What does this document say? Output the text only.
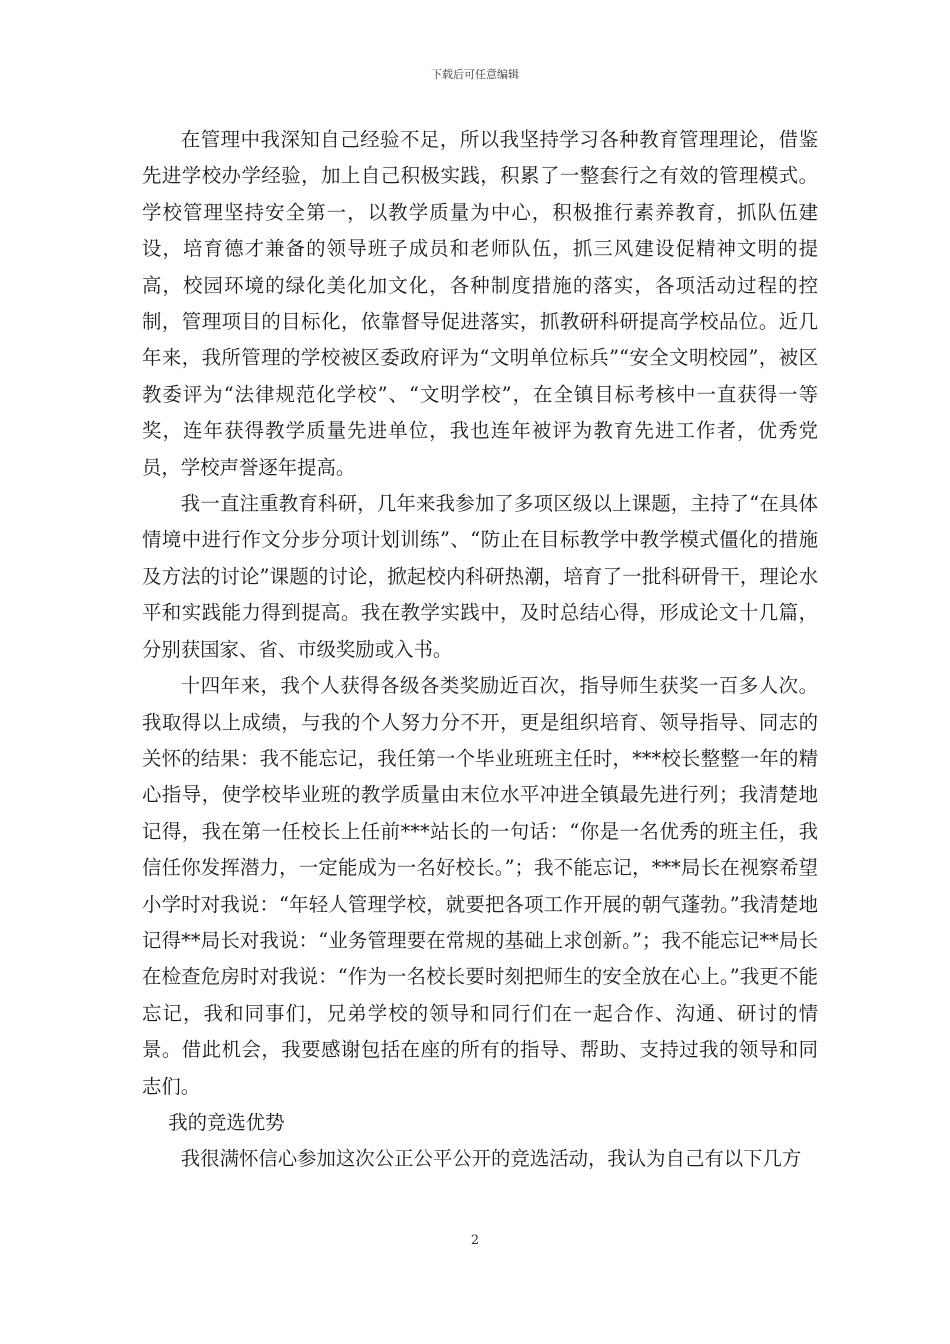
下载后可任意编辑

在管理中我深知自己经验不足，所以我坚持学习各种教育管理理论，借鉴先进学校办学经验，加上自己积极实践，积累了一整套行之有效的管理模式。学校管理坚持安全第一，以教学质量为中心，积极推行素养教育，抓队伍建设，培育德才兼备的领导班子成员和老师队伍，抓三风建设促精神文明的提高，校园环境的绿化美化加文化，各种制度措施的落实，各项活动过程的控制，管理项目的目标化，依靠督导促进落实，抓教研科研提高学校品位。近几年来，我所管理的学校被区委政府评为“文明单位标兵”“安全文明校园”，被区教委评为“法律规范化学校”、“文明学校”，在全镇目标考核中一直获得一等奖，连年获得教学质量先进单位，我也连年被评为教育先进工作者，优秀党员，学校声誉逐年提高。

我一直注重教育科研，几年来我参加了多项区级以上课题，主持了“在具体情境中进行作文分步分项计划训练”、“防止在目标教学中教学模式僵化的措施及方法的讨论”课题的讨论，掀起校内科研热潮，培育了一批科研骨干，理论水平和实践能力得到提高。我在教学实践中，及时总结心得，形成论文十几篇，分别获国家、省、市级奖励或入书。

十四年来，我个人获得各级各类奖励近百次，指导师生获奖一百多人次。我取得以上成绩，与我的个人努力分不开，更是组织培育、领导指导、同志的关怀的结果：我不能忘记，我任第一个毕业班班主任时，***校长整整一年的精心指导，使学校毕业班的教学质量由末位水平冲进全镇最先进行列；我清楚地记得，我在第一任校长上任前***站长的一句话：“你是一名优秀的班主任，我信任你发挥潜力，一定能成为一名好校长。”；我不能忘记，***局长在视察希望小学时对我说：“年轻人管理学校，就要把各项工作开展的朝气蓬勃。”我清楚地记得**局长对我说：“业务管理要在常规的基础上求创新。”；我不能忘记**局长在检查危房时对我说：“作为一名校长要时刻把师生的安全放在心上。”我更不能忘记，我和同事们，兄弟学校的领导和同行们在一起合作、沟通、研讨的情景。借此机会，我要感谢包括在座的所有的指导、帮助、支持过我的领导和同志们。

我的竞选优势

我很满怀信心参加这次公正公平公开的竞选活动，我认为自己有以下几方

2
